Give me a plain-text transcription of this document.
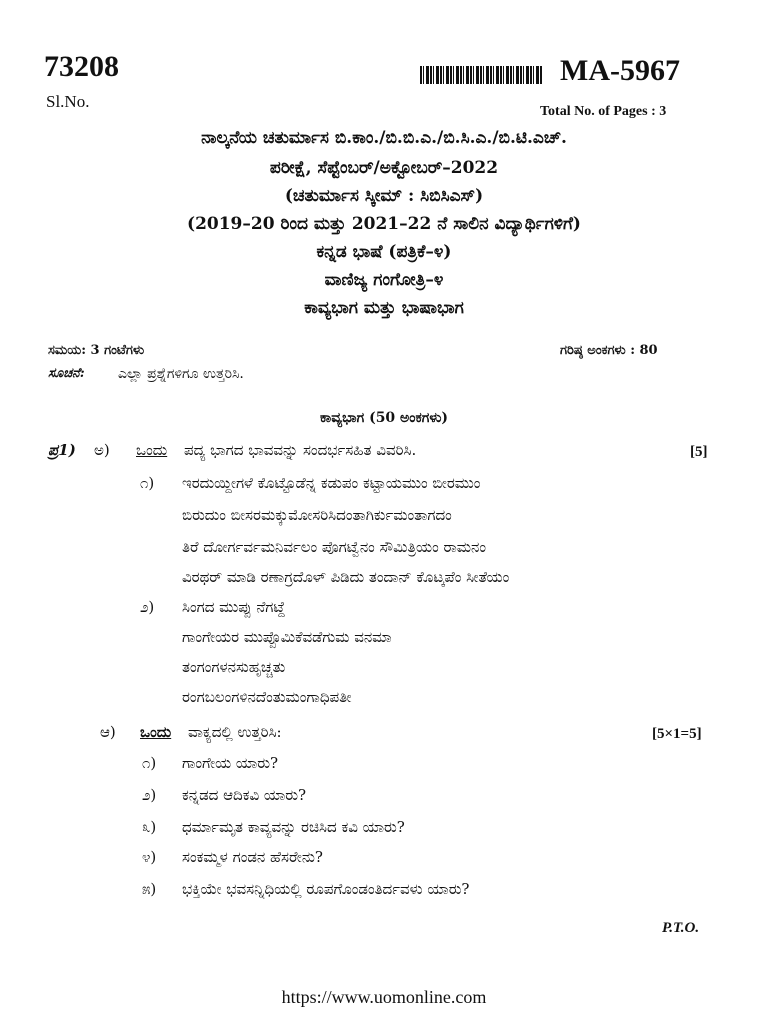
73208
Sl.No.
MA-5967
Total No. of Pages : 3
ನಾಲ್ಕನೆಯ ಚತುರ್ಮಾಸ ಬಿ.ಕಾಂ./ಬಿ.ಬಿ.ಎ./ಬಿ.ಸಿ.ಎ./ಬಿ.ಟಿ.ಎಚ್.
ಪರೀಕ್ಷೆ, ಸೆಪ್ಟೆಂಬರ್/ಅಕ್ಟೋಬರ್–2022
(ಚತುರ್ಮಾಸ ಸ್ಕೀಮ್ : ಸಿಬಿಸಿಎಸ್)
(2019–20 ರಿಂದ ಮತ್ತು 2021–22 ನೆ ಸಾಲಿನ ವಿದ್ಯಾರ್ಥಿಗಳಿಗೆ)
ಕನ್ನಡ ಭಾಷೆ (ಪತ್ರಿಕೆ–೪)
ವಾಣಿಜ್ಯ ಗಂಗೋತ್ರಿ–೪
ಕಾವ್ಯಭಾಗ ಮತ್ತು ಭಾಷಾಭಾಗ
ಸಮಯ: 3 ಗಂಟೆಗಳು	ಗರಿಷ್ಠ ಅಂಕಗಳು : 80
ಸೂಚನೆ: ಎಲ್ಲಾ ಪ್ರಶ್ನೆಗಳಿಗೂ ಉತ್ತರಿಸಿ.
ಕಾವ್ಯಭಾಗ (50 ಅಂಕಗಳು)
ಪ್ರ1) ಅ) ಒಂದು ಪದ್ಯ ಭಾಗದ ಭಾವವನ್ನು ಸಂದರ್ಭಸಹಿತ ವಿವರಿಸಿ.	[5]
೧) ಇರದುಯ್ದೀಗಳೆ ಕೊಟ್ಟೊಡೆನ್ನ ಕಡುಪಂ ಕಟ್ಟಾಯಮುಂ ಬೀರಮುಂ
ಬಿರುದುಂ ಬೀಸರಮಕ್ಕುಮೋಸರಿಸಿದಂತಾಗಿರ್ಕುಮಂತಾಗದಂ
ತಿರೆ ದೋರ್ಗರ್ವಮನಿರ್ವಲಂ ಪೊಗಟ್ವೆನಂ ಸೌಮಿತ್ರಿಯಂ ರಾಮನಂ
ವಿರಥರ್ ಮಾಡಿ ರಣಾಗ್ರದೊಳ್ ಪಿಡಿದು ತಂದಾನ್ ಕೊಟ್ಕಪೆಂ ಸೀತೆಯಂ
೨) ಸಿಂಗದ ಮುಪ್ಪು ನೆಗಟ್ದೆ
ಗಾಂಗೇಯರ ಮುಪ್ಪೊಮಿಕೆವಡೆಗುಮ ವನಮಾ
ತಂಗಂಗಳನಸುಹೃಚ್ಚತು
ರಂಗಬಲಂಗಳಿನದೆಂತುಮಂಗಾಧಿಪತೀ
ಆ) ಒಂದು ವಾಕ್ಯದಲ್ಲಿ ಉತ್ತರಿಸಿ:	[5×1=5]
೧) ಗಾಂಗೇಯ ಯಾರು?
೨) ಕನ್ನಡದ ಆದಿಕವಿ ಯಾರು?
೩) ಧರ್ಮಾಮೃತ ಕಾವ್ಯವನ್ನು ರಚಿಸಿದ ಕವಿ ಯಾರು?
೪) ಸಂಕಮ್ಮಳ ಗಂಡನ ಹೆಸರೇನು?
೫) ಭಕ್ತಿಯೇ ಭವಸನ್ನಿಧಿಯಲ್ಲಿ ರೂಪಗೊಂಡಂತಿರ್ದವಳು ಯಾರು?
P.T.O.
https://www.uomonline.com
